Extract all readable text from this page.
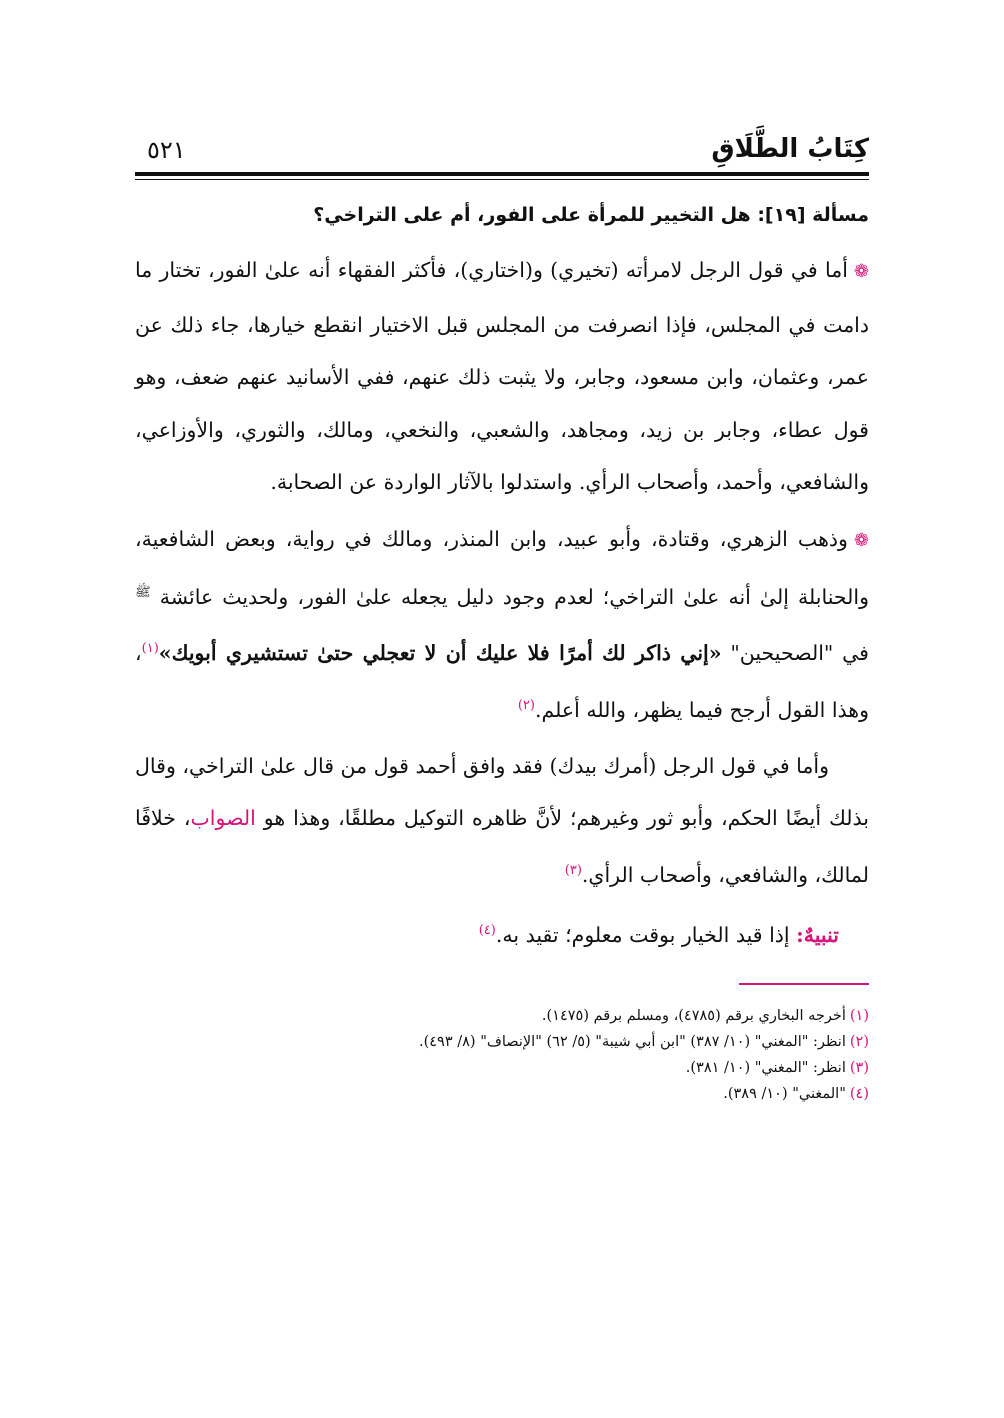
كِتَابُ الطَّلَاقِ
٥٢١
مسألة [١٩]: هل التخيير للمرأة على الفور، أم على التراخي؟

❁أما في قول الرجل لامرأته (تخيري) و(اختاري)، فأكثر الفقهاء أنه علىٰ الفور، تختار ما دامت في المجلس، فإذا انصرفت من المجلس قبل الاختيار انقطع خيارها، جاء ذلك عن عمر، وعثمان، وابن مسعود، وجابر، ولا يثبت ذلك عنهم، ففي الأسانيد عنهم ضعف، وهو قول عطاء، وجابر بن زيد، ومجاهد، والشعبي، والنخعي، ومالك، والثوري، والأوزاعي، والشافعي، وأحمد، وأصحاب الرأي. واستدلوا بالآثار الواردة عن الصحابة.

❁وذهب الزهري، وقتادة، وأبو عبيد، وابن المنذر، ومالك في رواية، وبعض الشافعية، والحنابلة إلىٰ أنه علىٰ التراخي؛ لعدم وجود دليل يجعله علىٰ الفور، ولحديث عائشة $^ﷺ$ في "الصحيحين" «إني ذاكر لك أمرًا فلا عليك أن لا تعجلي حتىٰ تستشيري أبويك»$^{(١)}$، وهذا القول أرجح فيما يظهر، والله أعلم.$^{(٢)}$

وأما في قول الرجل (أمرك بيدك) فقد وافق أحمد قول من قال علىٰ التراخي، وقال بذلك أيضًا الحكم، وأبو ثور وغيرهم؛ لأنَّ ظاهره التوكيل مطلقًا، وهذا هو الصواب، خلافًا لمالك، والشافعي، وأصحاب الرأي.$^{(٣)}$

تنبيهٌ: إذا قيد الخيار بوقت معلوم؛ تقيد به.$^{(٤)}$
(١)أخرجه البخاري برقم (٤٧٨٥)، ومسلم برقم (١٤٧٥).
(٢)انظر: "المغني" (١٠/ ٣٨٧) "ابن أبي شيبة" (٥/ ٦٢) "الإنصاف" (٨/ ٤٩٣).
(٣)انظر: "المغني" (١٠/ ٣٨١).
(٤)"المغني" (١٠/ ٣٨٩).
